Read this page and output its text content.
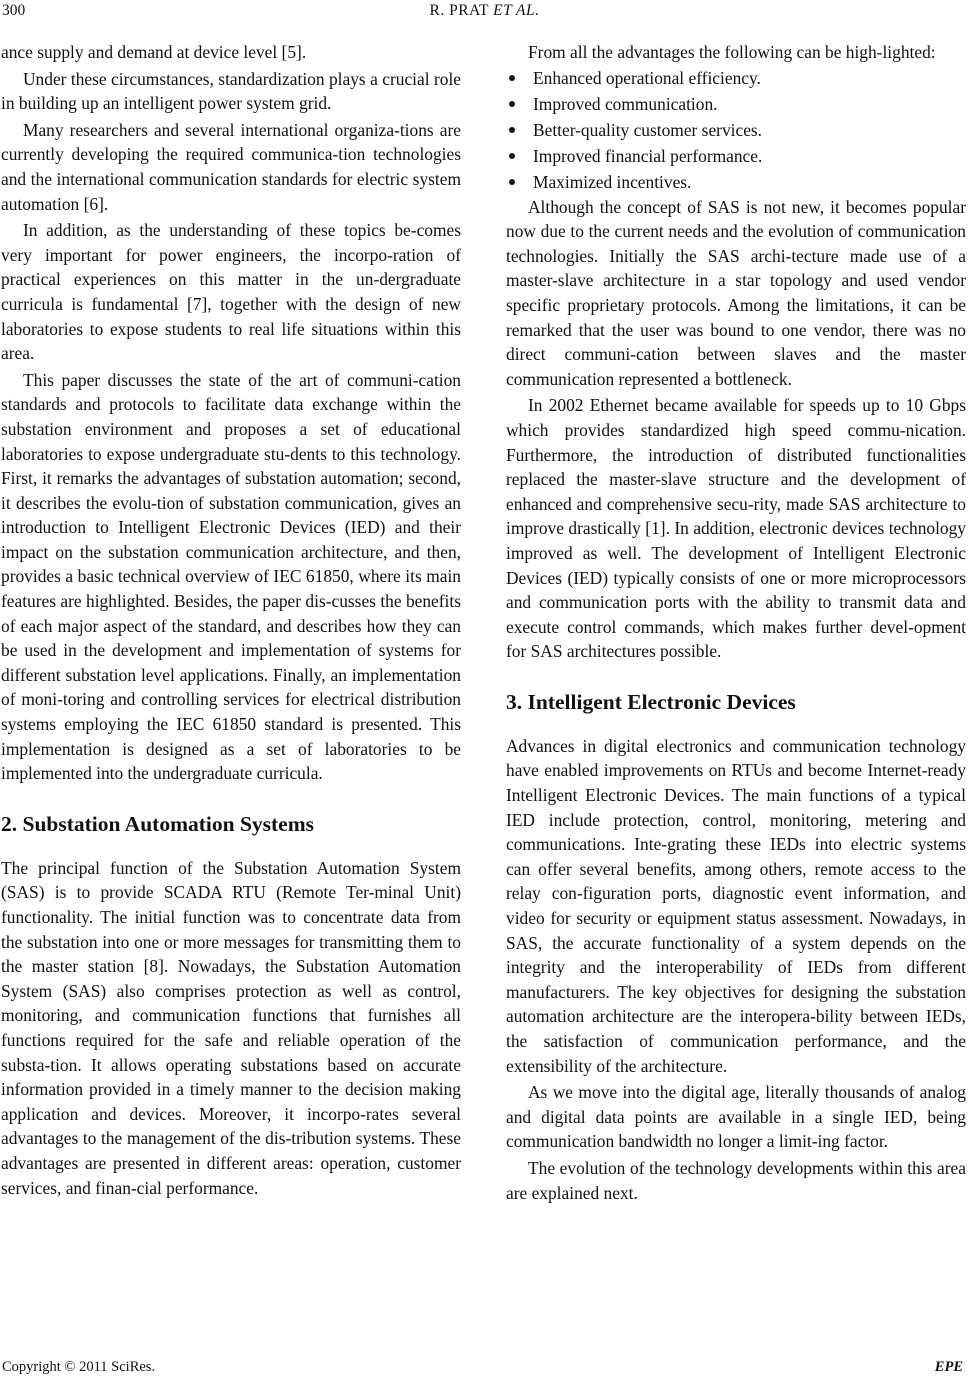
300	R. PRAT ET AL.

ance supply and demand at device level [5].

Under these circumstances, standardization plays a crucial role in building up an intelligent power system grid.

Many researchers and several international organiza-tions are currently developing the required communica-tion technologies and the international communication standards for electric system automation [6].

In addition, as the understanding of these topics be-comes very important for power engineers, the incorpo-ration of practical experiences on this matter in the un-dergraduate curricula is fundamental [7], together with the design of new laboratories to expose students to real life situations within this area.

This paper discusses the state of the art of communi-cation standards and protocols to facilitate data exchange within the substation environment and proposes a set of educational laboratories to expose undergraduate stu-dents to this technology. First, it remarks the advantages of substation automation; second, it describes the evolu-tion of substation communication, gives an introduction to Intelligent Electronic Devices (IED) and their impact on the substation communication architecture, and then, provides a basic technical overview of IEC 61850, where its main features are highlighted. Besides, the paper dis-cusses the benefits of each major aspect of the standard, and describes how they can be used in the development and implementation of systems for different substation level applications. Finally, an implementation of moni-toring and controlling services for electrical distribution systems employing the IEC 61850 standard is presented. This implementation is designed as a set of laboratories to be implemented into the undergraduate curricula.

2. Substation Automation Systems

The principal function of the Substation Automation System (SAS) is to provide SCADA RTU (Remote Ter-minal Unit) functionality. The initial function was to concentrate data from the substation into one or more messages for transmitting them to the master station [8]. Nowadays, the Substation Automation System (SAS) also comprises protection as well as control, monitoring, and communication functions that furnishes all functions required for the safe and reliable operation of the substa-tion. It allows operating substations based on accurate information provided in a timely manner to the decision making application and devices. Moreover, it incorpo-rates several advantages to the management of the dis-tribution systems. These advantages are presented in different areas: operation, customer services, and finan-cial performance.

From all the advantages the following can be high-lighted:

Enhanced operational efficiency.
Improved communication.
Better-quality customer services.
Improved financial performance.
Maximized incentives.

Although the concept of SAS is not new, it becomes popular now due to the current needs and the evolution of communication technologies. Initially the SAS archi-tecture made use of a master-slave architecture in a star topology and used vendor specific proprietary protocols. Among the limitations, it can be remarked that the user was bound to one vendor, there was no direct communi-cation between slaves and the master communication represented a bottleneck.

In 2002 Ethernet became available for speeds up to 10 Gbps which provides standardized high speed commu-nication. Furthermore, the introduction of distributed functionalities replaced the master-slave structure and the development of enhanced and comprehensive secu-rity, made SAS architecture to improve drastically [1]. In addition, electronic devices technology improved as well. The development of Intelligent Electronic Devices (IED) typically consists of one or more microprocessors and communication ports with the ability to transmit data and execute control commands, which makes further devel-opment for SAS architectures possible.

3. Intelligent Electronic Devices

Advances in digital electronics and communication technology have enabled improvements on RTUs and become Internet-ready Intelligent Electronic Devices. The main functions of a typical IED include protection, control, monitoring, metering and communications. Inte-grating these IEDs into electric systems can offer several benefits, among others, remote access to the relay con-figuration ports, diagnostic event information, and video for security or equipment status assessment. Nowadays, in SAS, the accurate functionality of a system depends on the integrity and the interoperability of IEDs from different manufacturers. The key objectives for designing the substation automation architecture are the interopera-bility between IEDs, the satisfaction of communication performance, and the extensibility of the architecture.

As we move into the digital age, literally thousands of analog and digital data points are available in a single IED, being communication bandwidth no longer a limit-ing factor.

The evolution of the technology developments within this area are explained next.

Copyright © 2011 SciRes.	EPE
